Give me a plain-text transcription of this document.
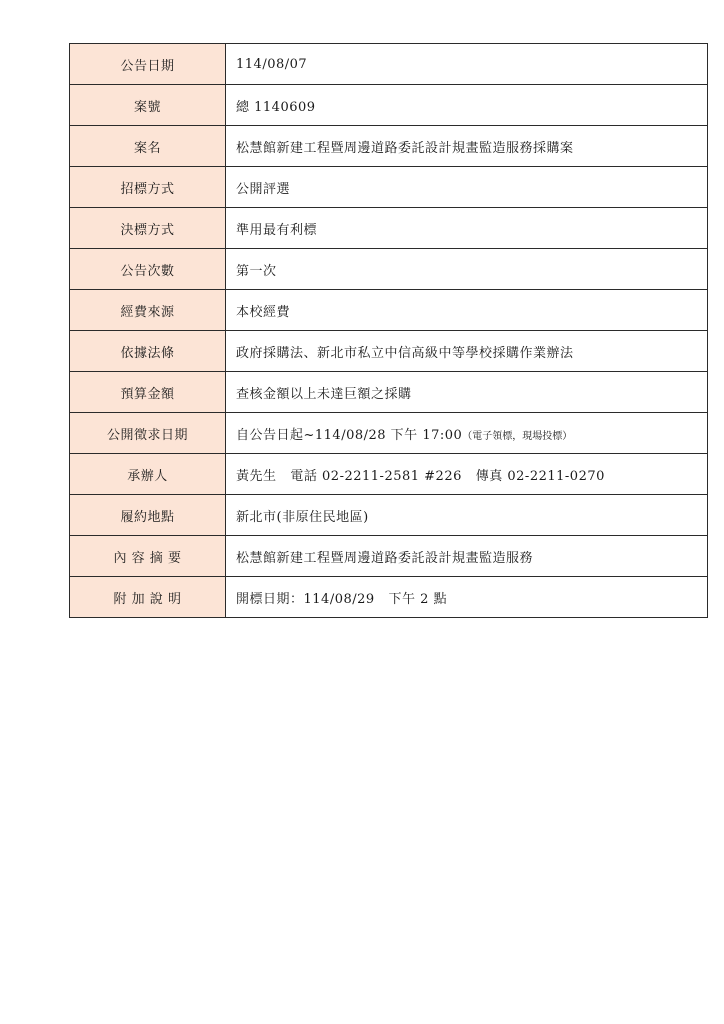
公告日期	114/08/07
案號	總 1140609
案名	松慧館新建工程暨周邊道路委託設計規畫監造服務採購案
招標方式	公開評選
決標方式	準用最有利標
公告次數	第一次
經費來源	本校經費
依據法條	政府採購法、新北市私立中信高級中等學校採購作業辦法
預算金額	查核金額以上未達巨額之採購
公開徵求日期	自公告日起~114/08/28 下午 17:00（電子領標，現場投標）
承辦人	黃先生   電話 02-2211-2581 #226   傳真 02-2211-0270
履約地點	新北市(非原住民地區)
內 容 摘 要	松慧館新建工程暨周邊道路委託設計規畫監造服務
附 加 說 明	開標日期：114/08/29   下午 2 點
